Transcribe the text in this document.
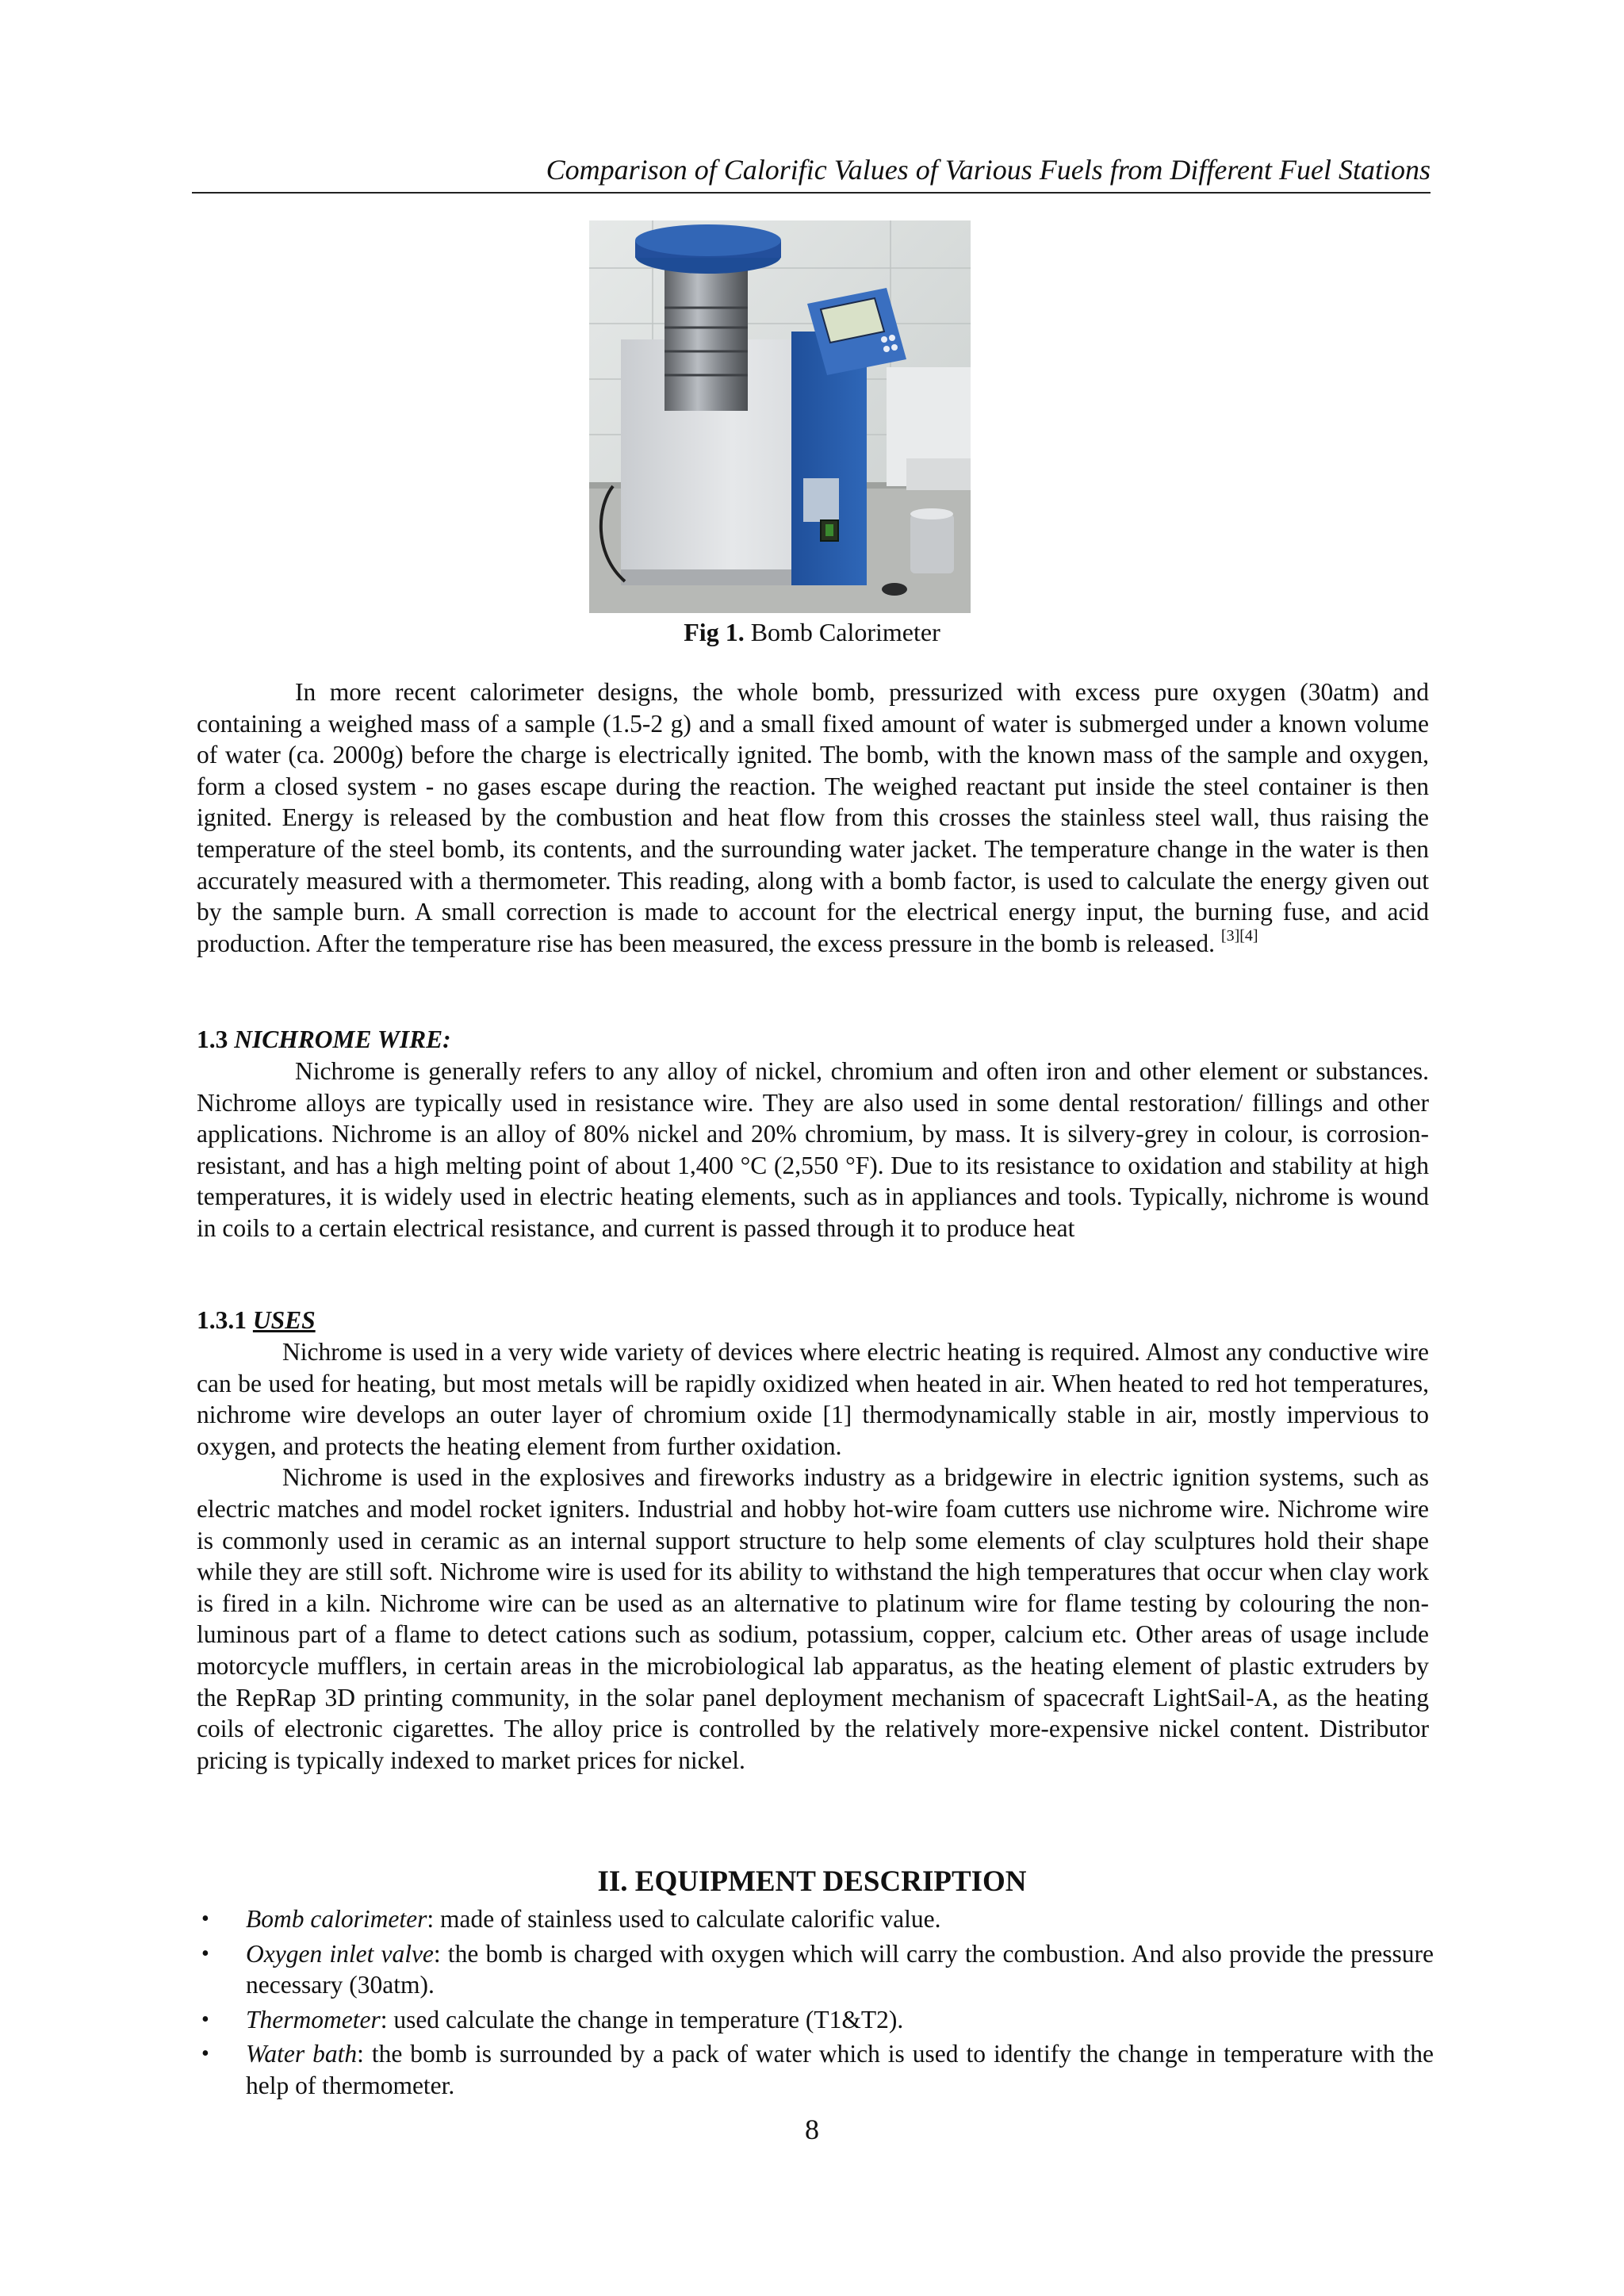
Comparison of Calorific Values of Various Fuels from Different Fuel Stations
Fig 1. Bomb Calorimeter

In more recent calorimeter designs, the whole bomb, pressurized with excess pure oxygen (30atm) and containing a weighed mass of a sample (1.5-2 g) and a small fixed amount of water is submerged under a known volume of water (ca. 2000g) before the charge is electrically ignited. The bomb, with the known mass of the sample and oxygen, form a closed system - no gases escape during the reaction. The weighed reactant put inside the steel container is then ignited. Energy is released by the combustion and heat flow from this crosses the stainless steel wall, thus raising the temperature of the steel bomb, its contents, and the surrounding water jacket. The temperature change in the water is then accurately measured with a thermometer. This reading, along with a bomb factor, is used to calculate the energy given out by the sample burn. A small correction is made to account for the electrical energy input, the burning fuse, and acid production. After the temperature rise has been measured, the excess pressure in the bomb is released. [3][4]

1.3 NICHROME WIRE:

Nichrome is generally refers to any alloy of nickel, chromium and often iron and other element or substances. Nichrome alloys are typically used in resistance wire. They are also used in some dental restoration/ fillings and other applications. Nichrome is an alloy of 80% nickel and 20% chromium, by mass. It is silvery-grey in colour, is corrosion-resistant, and has a high melting point of about 1,400 °C (2,550 °F). Due to its resistance to oxidation and stability at high temperatures, it is widely used in electric heating elements, such as in appliances and tools. Typically, nichrome is wound in coils to a certain electrical resistance, and current is passed through it to produce heat

1.3.1 USES

Nichrome is used in a very wide variety of devices where electric heating is required. Almost any conductive wire can be used for heating, but most metals will be rapidly oxidized when heated in air. When heated to red hot temperatures, nichrome wire develops an outer layer of chromium oxide [1] thermodynamically stable in air, mostly impervious to oxygen, and protects the heating element from further oxidation.

Nichrome is used in the explosives and fireworks industry as a bridgewire in electric ignition systems, such as electric matches and model rocket igniters. Industrial and hobby hot-wire foam cutters use nichrome wire. Nichrome wire is commonly used in ceramic as an internal support structure to help some elements of clay sculptures hold their shape while they are still soft. Nichrome wire is used for its ability to withstand the high temperatures that occur when clay work is fired in a kiln. Nichrome wire can be used as an alternative to platinum wire for flame testing by colouring the non-luminous part of a flame to detect cations such as sodium, potassium, copper, calcium etc. Other areas of usage include motorcycle mufflers, in certain areas in the microbiological lab apparatus, as the heating element of plastic extruders by the RepRap 3D printing community, in the solar panel deployment mechanism of spacecraft LightSail-A, as the heating coils of electronic cigarettes. The alloy price is controlled by the relatively more-expensive nickel content. Distributor pricing is typically indexed to market prices for nickel.

II. EQUIPMENT DESCRIPTION
• Bomb calorimeter: made of stainless used to calculate calorific value.
• Oxygen inlet valve: the bomb is charged with oxygen which will carry the combustion. And also provide the pressure necessary (30atm).
• Thermometer: used calculate the change in temperature (T1&T2).
• Water bath: the bomb is surrounded by a pack of water which is used to identify the change in temperature with the help of thermometer.
8
